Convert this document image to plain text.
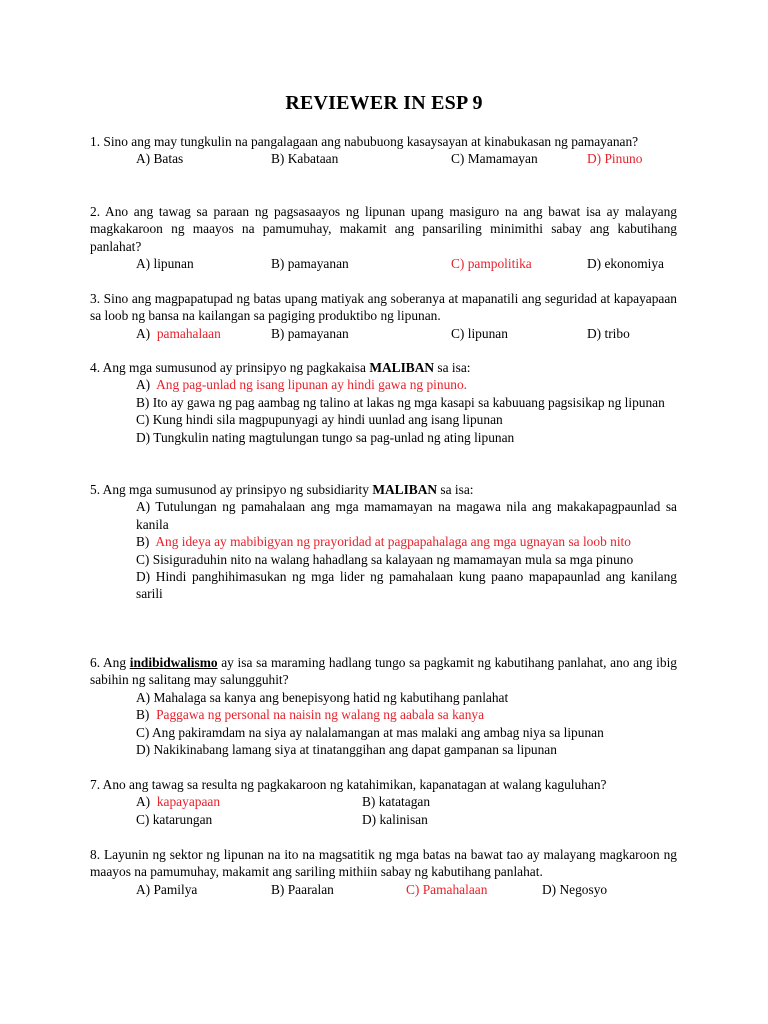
REVIEWER IN ESP 9
1. Sino ang may tungkulin na pangalagaan ang nabubuong kasaysayan at kinabukasan ng pamayanan?
A) Batas	B) Kabataan	C) Mamamayan	D) Pinuno
2. Ano ang tawag sa paraan ng pagsasaayos ng lipunan upang masiguro na ang bawat isa ay malayang magkakaroon ng maayos na pamumuhay, makamit ang pansariling minimithi sabay ang kabutihang panlahat?
A) lipunan	B) pamayanan	C) pampolitika	D) ekonomiya
3. Sino ang magpapatupad ng batas upang matiyak ang soberanya at mapanatili ang seguridad at kapayapaan sa loob ng bansa na kailangan sa pagiging produktibo ng lipunan.
A) pamahalaan	B) pamayanan	C) lipunan	D) tribo
4. Ang mga sumusunod ay prinsipyo ng pagkakaisa MALIBAN sa isa:
A) Ang pag-unlad ng isang lipunan ay hindi gawa ng pinuno.
B) Ito ay gawa ng pag aambag ng talino at lakas ng mga kasapi sa kabuuang pagsisikap ng lipunan
C) Kung hindi sila magpupunyagi ay hindi uunlad ang isang lipunan
D) Tungkulin nating magtulungan tungo sa pag-unlad ng ating lipunan
5. Ang mga sumusunod ay prinsipyo ng subsidiarity MALIBAN sa isa:
A) Tutulungan ng pamahalaan ang mga mamamayan na magawa nila ang makakapagpaunlad sa kanila
B) Ang ideya ay mabibigyan ng prayoridad at pagpapahalaga ang mga ugnayan sa loob nito
C) Sisiguraduhin nito na walang hahadlang sa kalayaan ng mamamayan mula sa mga pinuno
D) Hindi panghihimasukan ng mga lider ng pamahalaan kung paano mapapaunlad ang kanilang sarili
6. Ang indibidwalismo ay isa sa maraming hadlang tungo sa pagkamit ng kabutihang panlahat, ano ang ibig sabihin ng salitang may salungguhit?
A) Mahalaga sa kanya ang benepisyong hatid ng kabutihang panlahat
B) Paggawa ng personal na naisin ng walang ng aabala sa kanya
C) Ang pakiramdam na siya ay nalalamangan at mas malaki ang ambag niya sa lipunan
D) Nakikinabang lamang siya at tinatanggihan ang dapat gampanan sa lipunan
7. Ano ang tawag sa resulta ng pagkakaroon ng katahimikan, kapanatagan at walang kaguluhan?
A) kapayapaan	B) katatagan
C) katarungan	D) kalinisan
8. Layunin ng sektor ng lipunan na ito na magsatitik ng mga batas na bawat tao ay malayang magkaroon ng maayos na pamumuhay, makamit ang sariling mithiin sabay ng kabutihang panlahat.
A) Pamilya	B) Paaralan	C) Pamahalaan	D) Negosyo
